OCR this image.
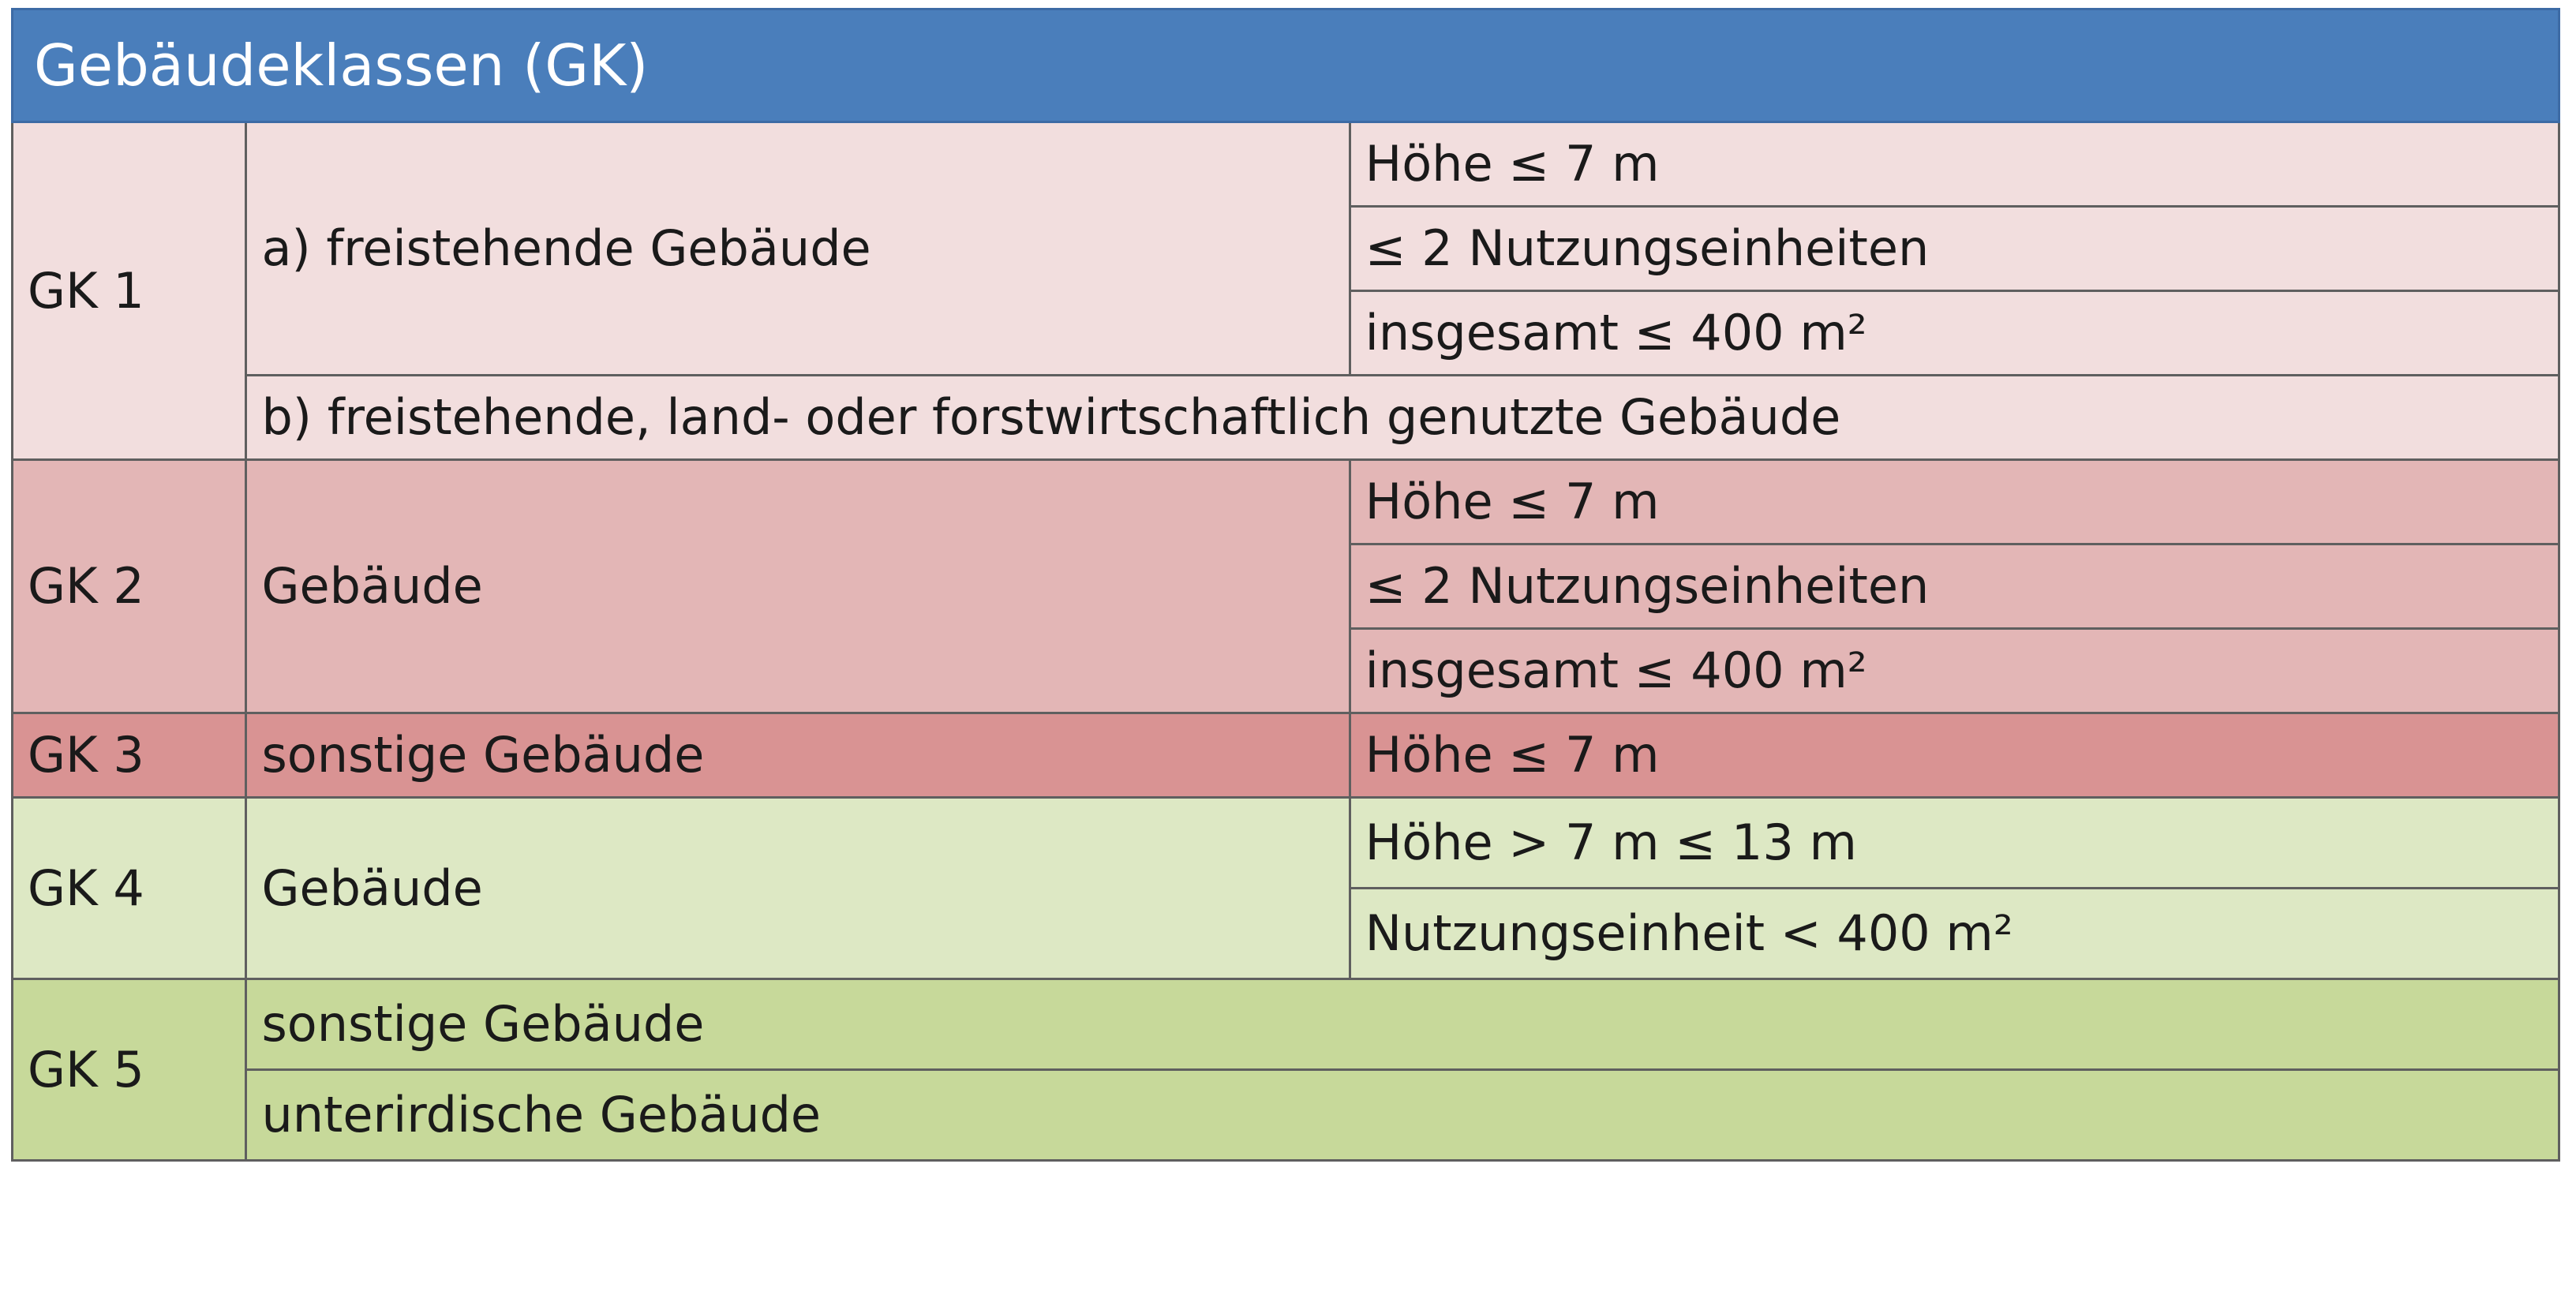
Gebäudeklassen (GK)		
GK 1	a) freistehende Gebäude	Höhe ≤ 7 m
		≤ 2 Nutzungseinheiten
		insgesamt ≤ 400 m²
	b) freistehende, land- oder forstwirtschaftlich genutzte Gebäude	
GK 2	Gebäude	Höhe ≤ 7 m
		≤ 2 Nutzungseinheiten
		insgesamt ≤ 400 m²
GK 3	sonstige Gebäude	Höhe ≤ 7 m
GK 4	Gebäude	Höhe > 7 m ≤ 13 m
		Nutzungseinheit < 400 m²
GK 5	sonstige Gebäude	
	unterirdische Gebäude	
